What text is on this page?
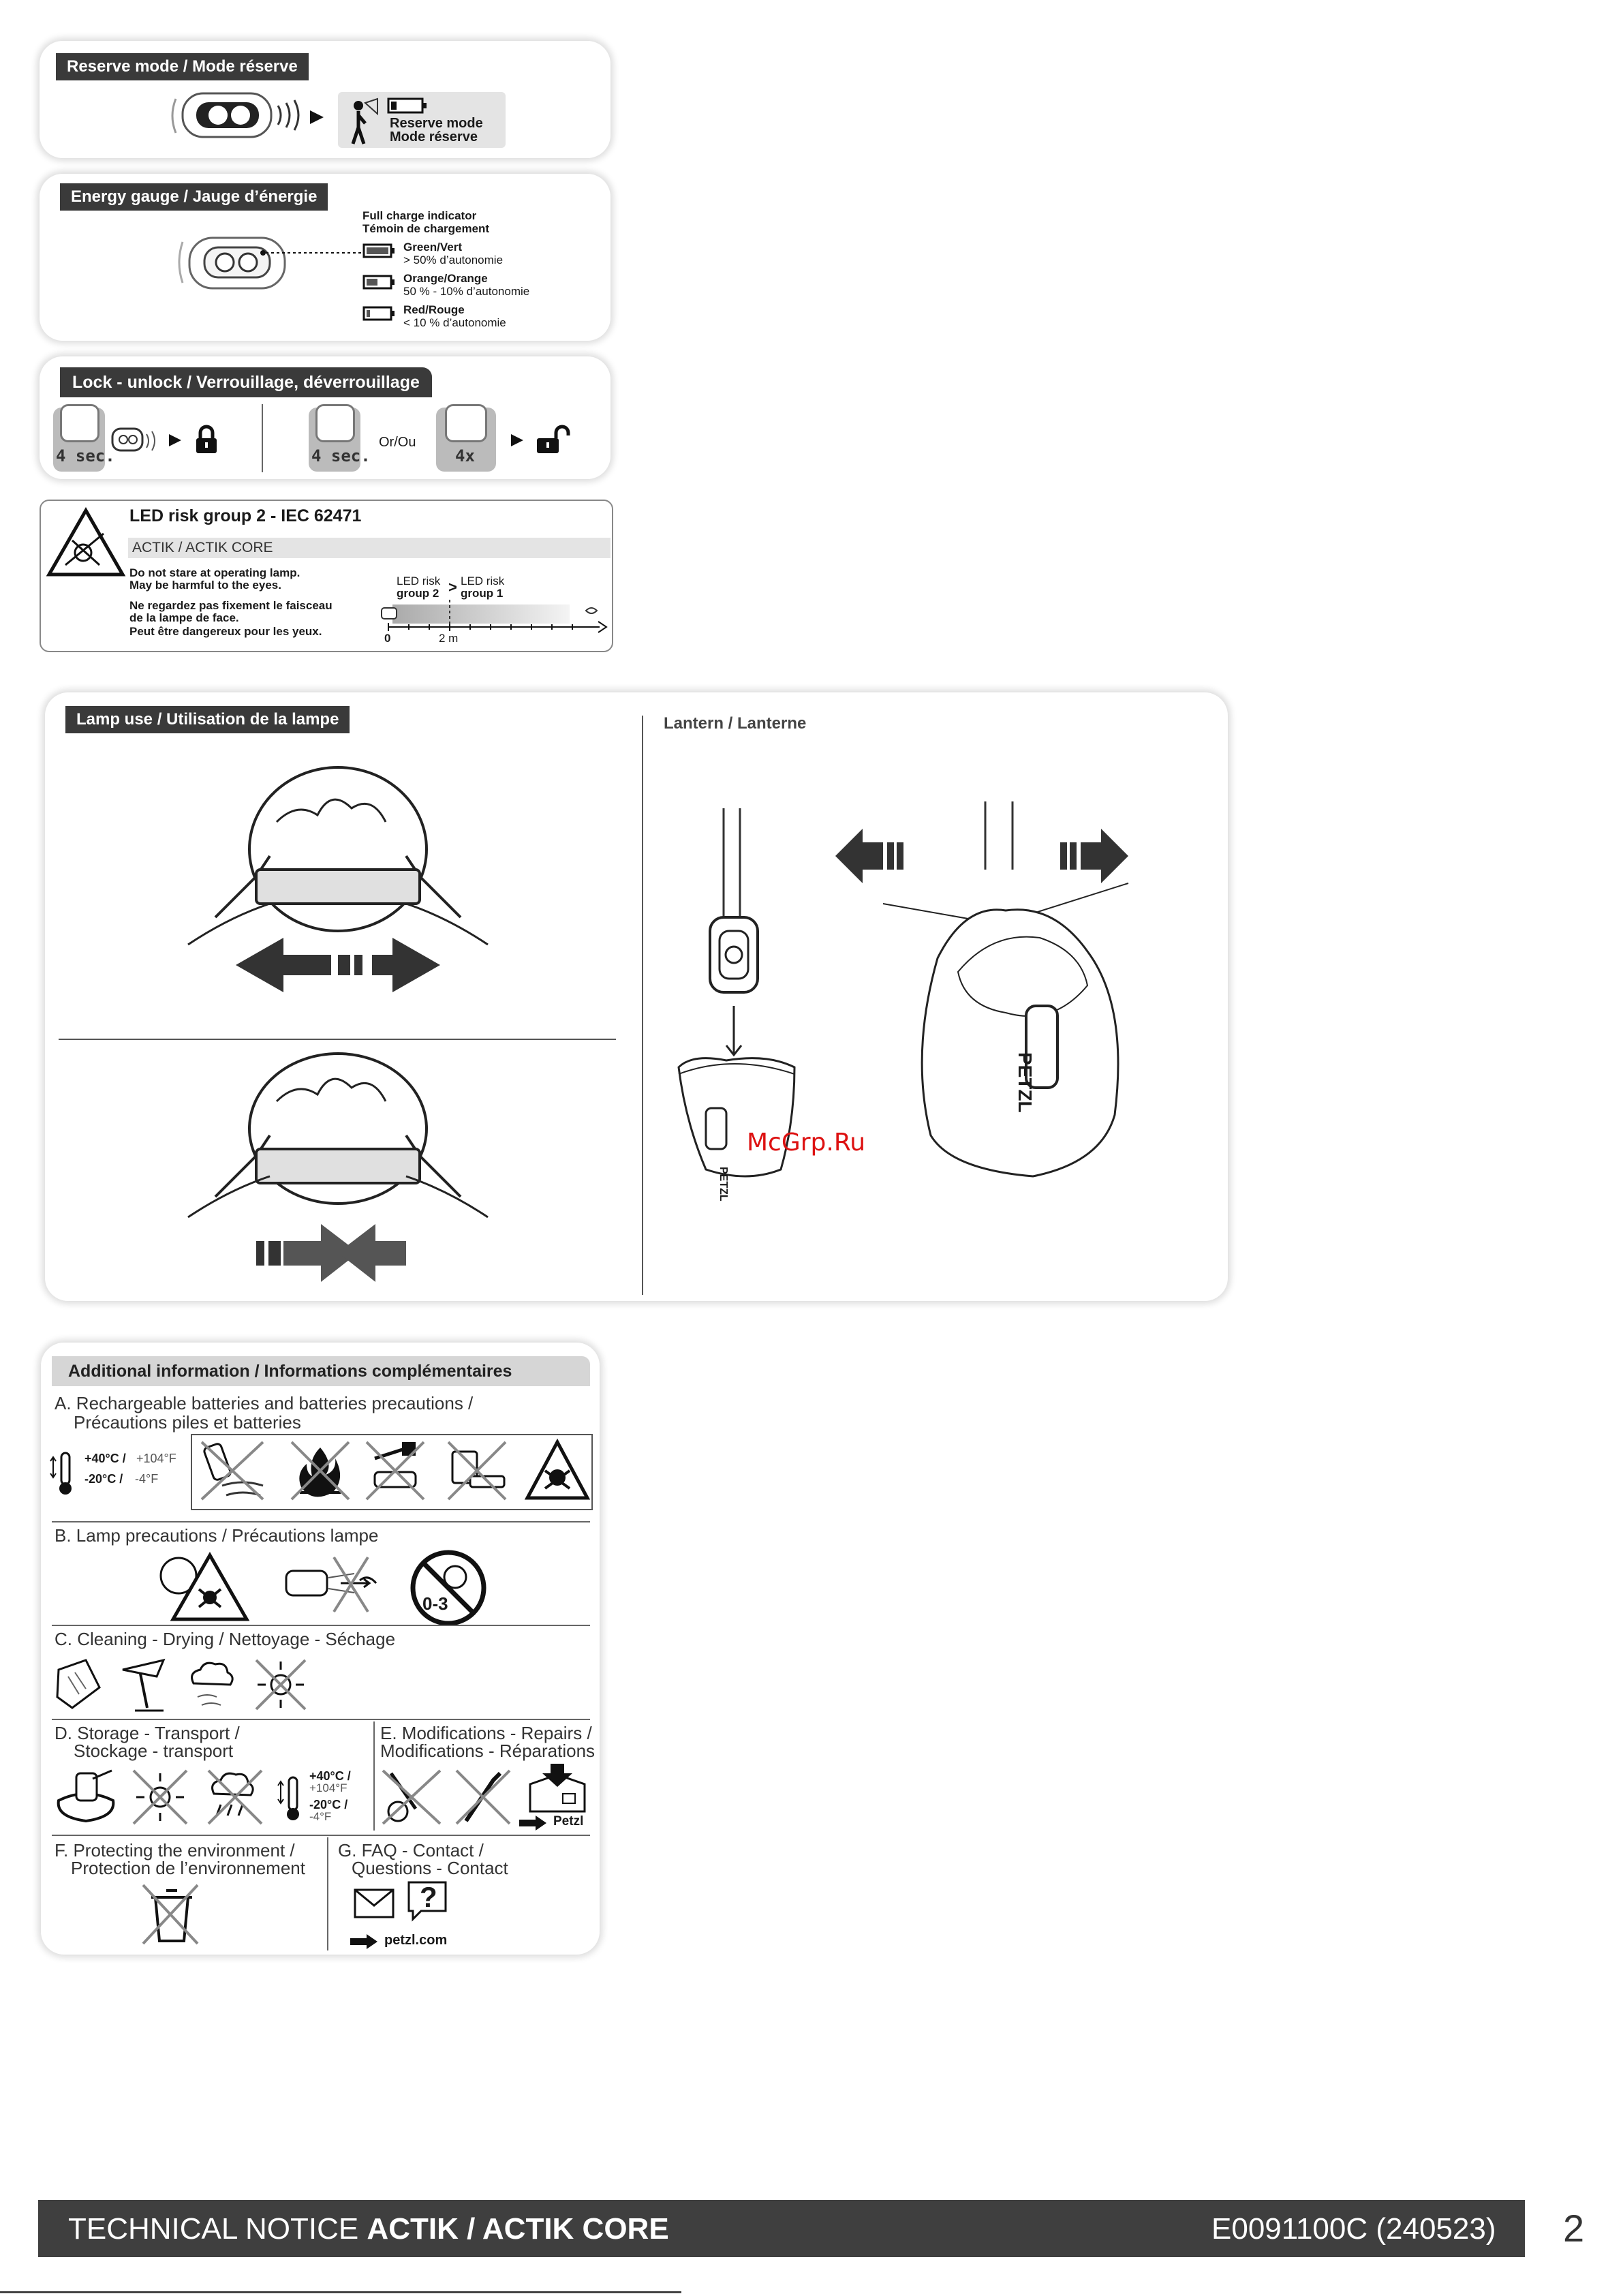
Reserve mode / Mode réserve
Reserve mode
Mode réserve
Energy gauge / Jauge d’énergie
Full charge indicator
Témoin de chargement
Green/Vert
> 50% d’autonomie
Orange/Orange
50 % - 10% d’autonomie
Red/Rouge
< 10 % d’autonomie
Lock - unlock / Verrouillage, déverrouillage
4 sec.	4 sec.
Or/Ou
4x
LED risk group 2 - IEC 62471
ACTIK / ACTIK CORE
Do not stare at operating lamp.
May be harmful to the eyes.
Ne regardez pas fixement le faisceau
de la lampe de face.
Peut être dangereux pour les yeux.
LED risk
group 2 > LED risk
group 1
0	2 m
Lamp use / Utilisation de la lampe	Lantern / Lanterne
PETZL
PETZL
McGrp.Ru
Additional information / Informations complémentaires
A. Rechargeable batteries and batteries precautions /
Précautions piles et batteries
+40°C / +104°F
-20°C / -4°F
B. Lamp precautions / Précautions lampe
0-3
C. Cleaning - Drying / Nettoyage - Séchage
D. Storage - Transport /
Stockage - transport
+40°C /
+104°F
-20°C /
-4°F
E. Modifications - Repairs /
Modifications - Réparations
Petzl
F. Protecting the environment /
Protection de l’environnement
G. FAQ - Contact /
Questions - Contact
?
petzl.com
TECHNICAL NOTICE ACTIK / ACTIK CORE	E0091100C (240523) 2
